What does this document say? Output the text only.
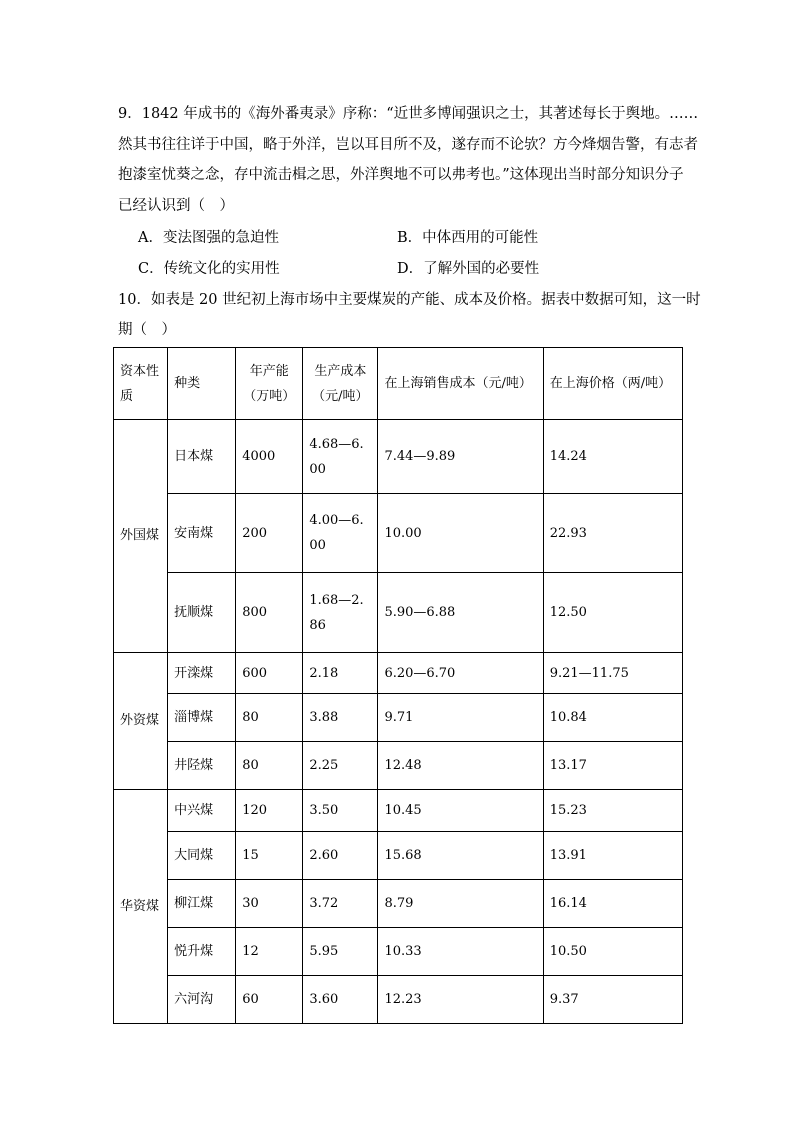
9．1842 年成书的《海外番夷录》序称：“近世多博闻强识之士，其著述每长于舆地。……
然其书往往详于中国，略于外洋，岂以耳目所不及，遂存而不论欤？方今烽烟告警，有志者
抱漆室忧葵之念，存中流击楫之思，外洋舆地不可以弗考也。”这体现出当时部分知识分子
已经认识到（　）
A．变法图强的急迫性	B．中体西用的可能性
C．传统文化的实用性	D．了解外国的必要性
10．如表是 20 世纪初上海市场中主要煤炭的产能、成本及价格。据表中数据可知，这一时
期（　）
资本性质	种类	年产能（万吨）	生产成本（元/吨）	在上海销售成本（元/吨）	在上海价格（两/吨）
外国煤	日本煤	4000	4.68—6.00	7.44—9.89	14.24
	安南煤	200	4.00—6.00	10.00	22.93
	抚顺煤	800	1.68—2.86	5.90—6.88	12.50
外资煤	开滦煤	600	2.18	6.20—6.70	9.21—11.75
	淄博煤	80	3.88	9.71	10.84
	井陉煤	80	2.25	12.48	13.17
华资煤	中兴煤	120	3.50	10.45	15.23
	大同煤	15	2.60	15.68	13.91
	柳江煤	30	3.72	8.79	16.14
	悦升煤	12	5.95	10.33	10.50
	六河沟	60	3.60	12.23	9.37
